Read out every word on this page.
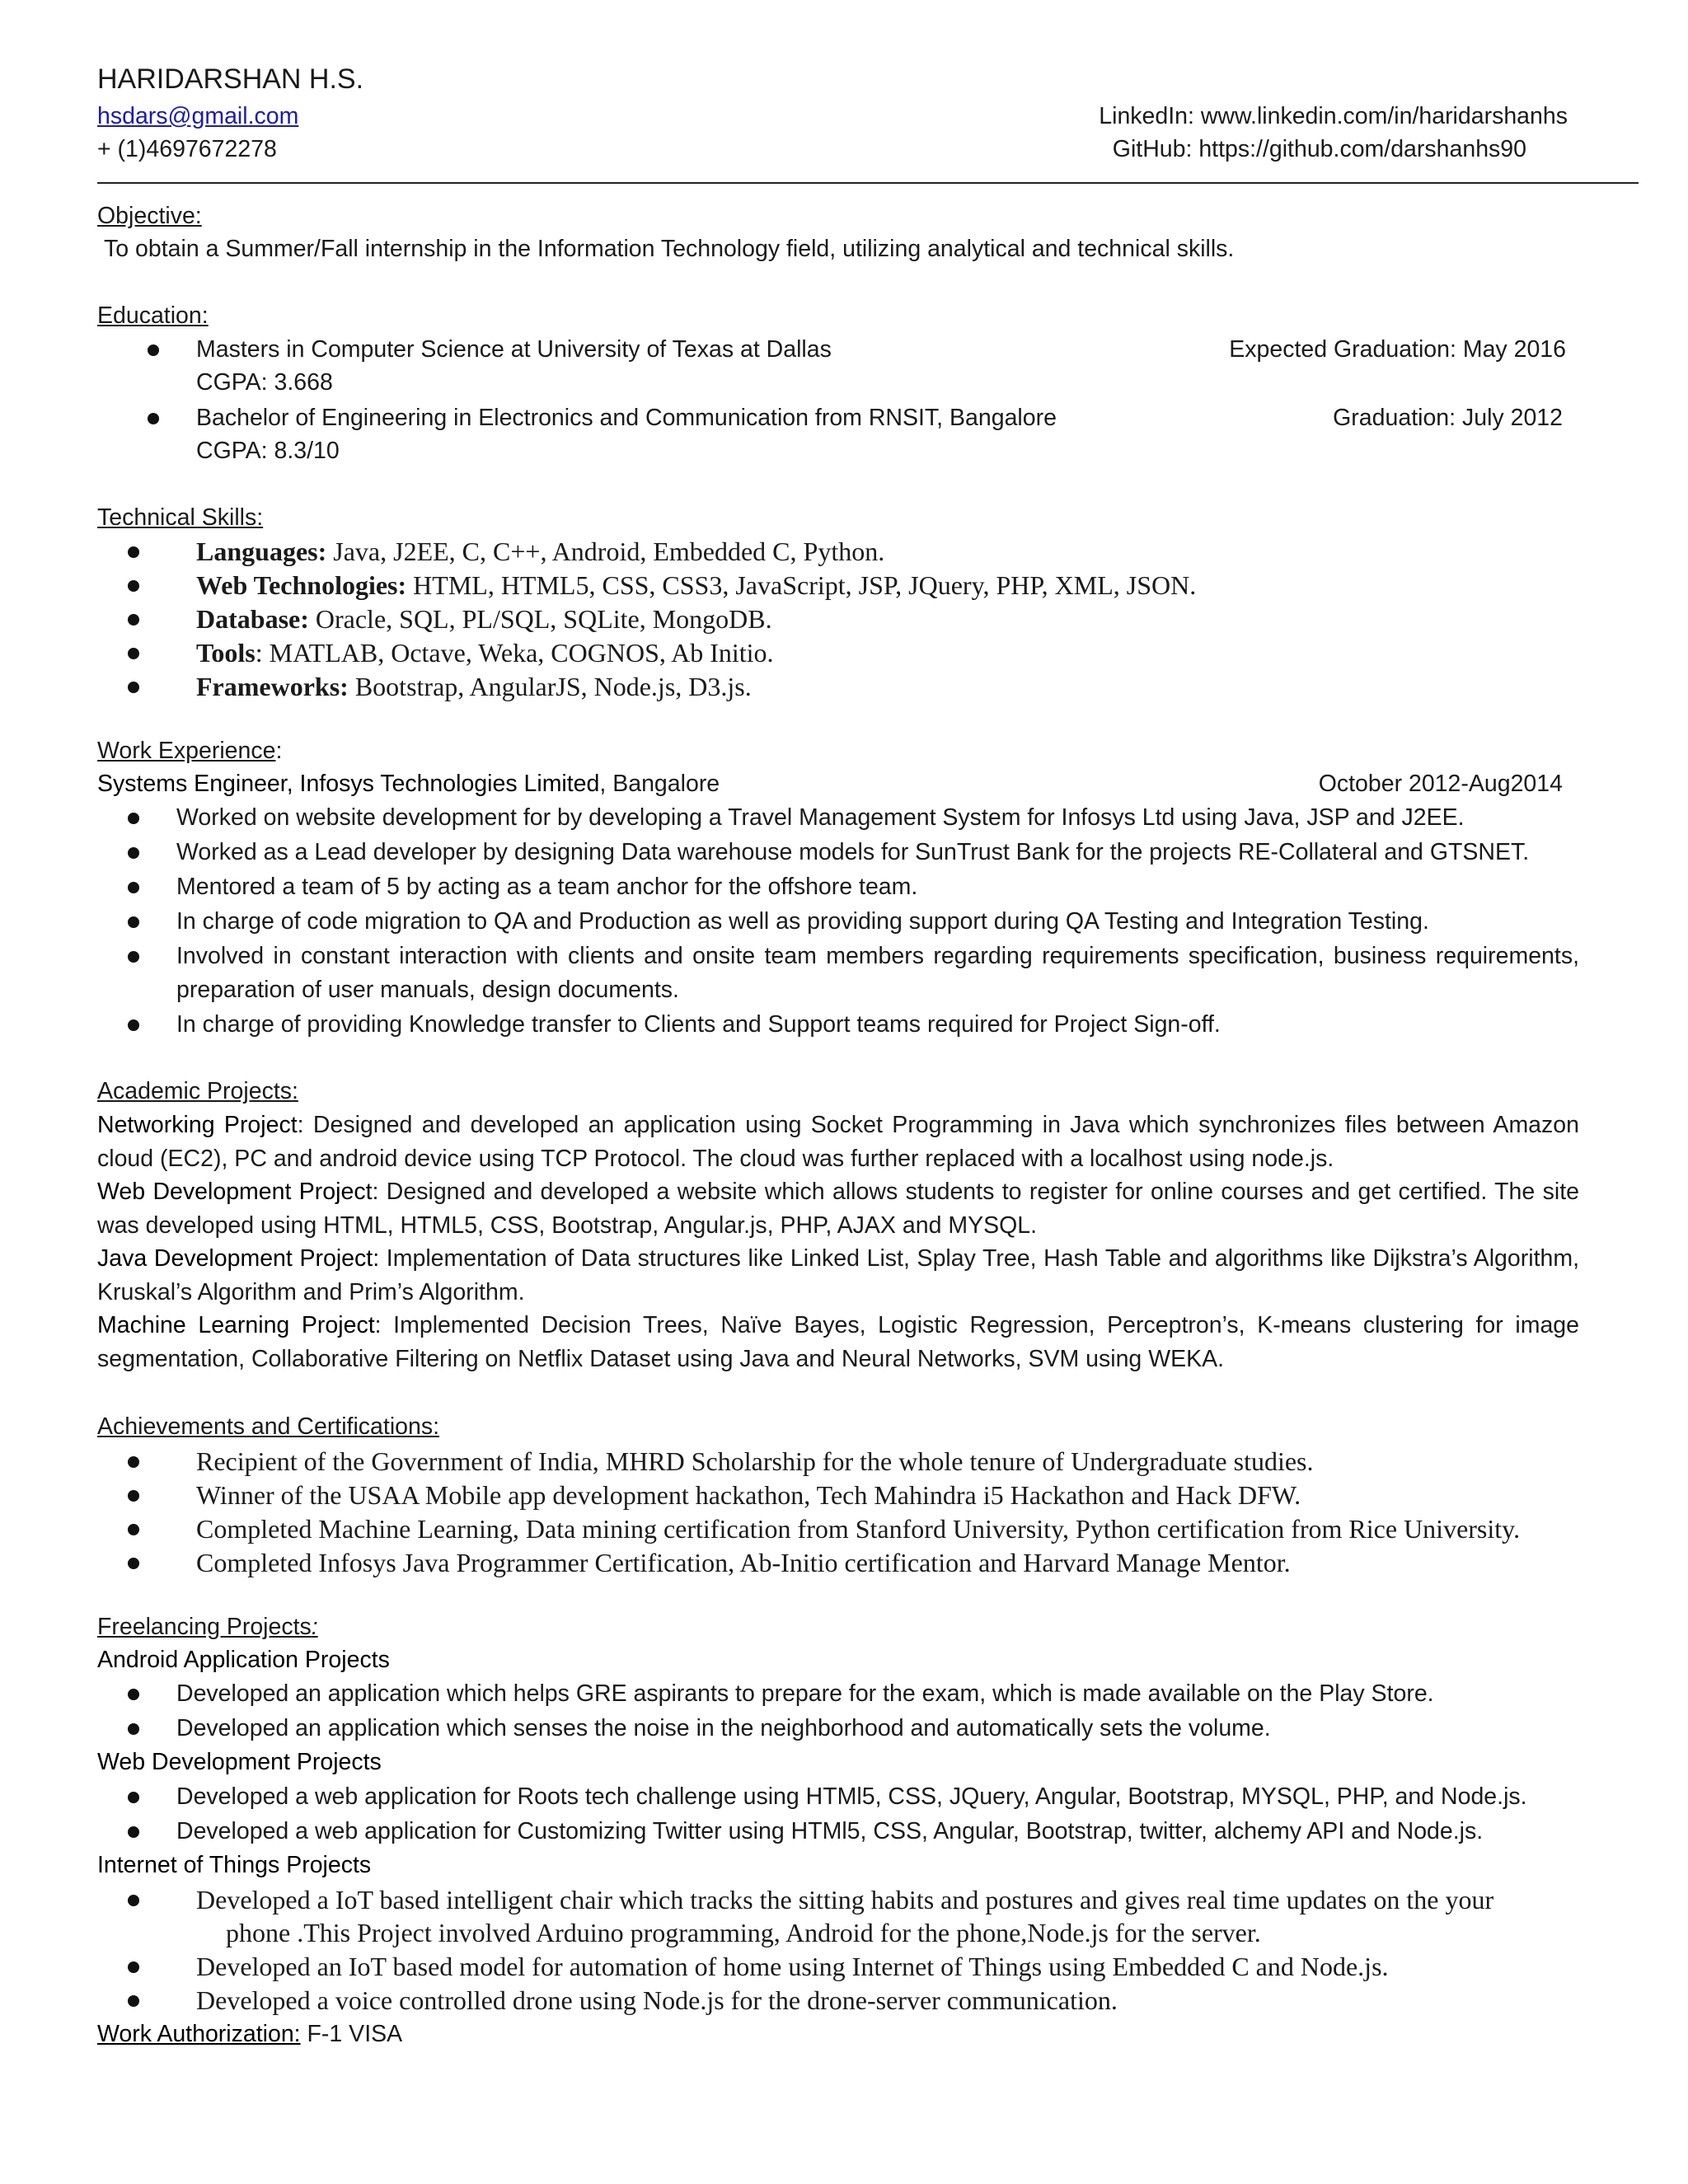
HARIDARSHAN H.S.
hsdars@gmail.com
+ (1)4697672278
LinkedIn: www.linkedin.com/in/haridarshanhs
GitHub: https://github.com/darshanhs90
Objective:
To obtain a Summer/Fall internship in the Information Technology field, utilizing analytical and technical skills.
Education:
Masters in Computer Science at University of Texas at Dallas	Expected Graduation: May 2016
CGPA: 3.668
Bachelor of Engineering in Electronics and Communication from RNSIT, Bangalore	Graduation: July 2012
CGPA: 8.3/10
Technical Skills:
Languages: Java, J2EE, C, C++, Android, Embedded C, Python.
Web Technologies: HTML, HTML5, CSS, CSS3, JavaScript, JSP, JQuery, PHP, XML, JSON.
Database: Oracle, SQL, PL/SQL, SQLite, MongoDB.
Tools: MATLAB, Octave, Weka, COGNOS, Ab Initio.
Frameworks: Bootstrap, AngularJS, Node.js, D3.js.
Work Experience:
Systems Engineer, Infosys Technologies Limited, Bangalore	October 2012-Aug2014
Worked on website development for by developing a Travel Management System for Infosys Ltd using Java, JSP and J2EE.
Worked as a Lead developer by designing Data warehouse models for SunTrust Bank for the projects RE-Collateral and GTSNET.
Mentored a team of 5 by acting as a team anchor for the offshore team.
In charge of code migration to QA and Production as well as providing support during QA Testing and Integration Testing.
Involved in constant interaction with clients and onsite team members regarding requirements specification, business requirements, preparation of user manuals, design documents.
In charge of providing Knowledge transfer to Clients and Support teams required for Project Sign-off.
Academic Projects:
Networking Project: Designed and developed an application using Socket Programming in Java which synchronizes files between Amazon cloud (EC2), PC and android device using TCP Protocol. The cloud was further replaced with a localhost using node.js.
Web Development Project: Designed and developed a website which allows students to register for online courses and get certified. The site was developed using HTML, HTML5, CSS, Bootstrap, Angular.js, PHP, AJAX and MYSQL.
Java Development Project: Implementation of Data structures like Linked List, Splay Tree, Hash Table and algorithms like Dijkstra’s Algorithm, Kruskal’s Algorithm and Prim’s Algorithm.
Machine Learning Project: Implemented Decision Trees, Naïve Bayes, Logistic Regression, Perceptron’s, K-means clustering for image segmentation, Collaborative Filtering on Netflix Dataset using Java and Neural Networks, SVM using WEKA.
Achievements and Certifications:
Recipient of the Government of India, MHRD Scholarship for the whole tenure of Undergraduate studies.
Winner of the USAA Mobile app development hackathon, Tech Mahindra i5 Hackathon and Hack DFW.
Completed Machine Learning, Data mining certification from Stanford University, Python certification from Rice University.
Completed Infosys Java Programmer Certification, Ab-Initio certification and Harvard Manage Mentor.
Freelancing Projects:
Android Application Projects
Developed an application which helps GRE aspirants to prepare for the exam, which is made available on the Play Store.
Developed an application which senses the noise in the neighborhood and automatically sets the volume.
Web Development Projects
Developed a web application for Roots tech challenge using HTMl5, CSS, JQuery, Angular, Bootstrap, MYSQL, PHP, and Node.js.
Developed a web application for Customizing Twitter using HTMl5, CSS, Angular, Bootstrap, twitter, alchemy API and Node.js.
Internet of Things Projects
Developed a IoT based intelligent chair which tracks the sitting habits and postures and gives real time updates on the your
phone .This Project involved Arduino programming, Android for the phone,Node.js for the server.
Developed an IoT based model for automation of home using Internet of Things using Embedded C and Node.js.
Developed a voice controlled drone using Node.js for the drone-server communication.
Work Authorization: F-1 VISA
